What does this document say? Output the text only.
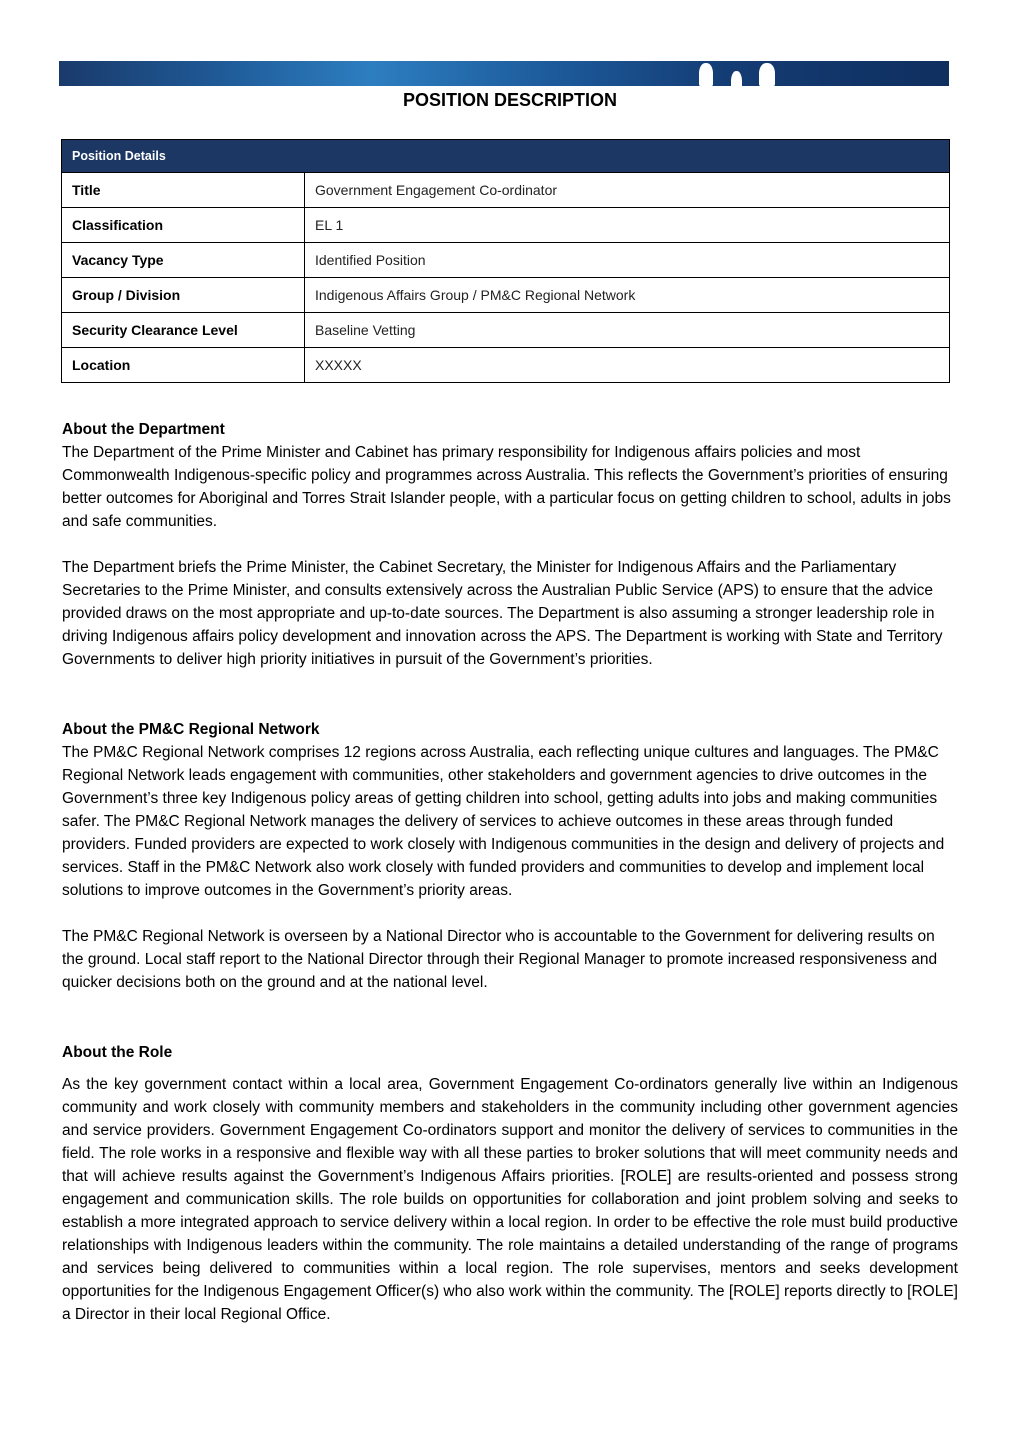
POSITION DESCRIPTION
Position Details	
Title	Government Engagement Co-ordinator
Classification	EL 1
Vacancy Type	Identified Position
Group / Division	Indigenous Affairs Group / PM&C Regional Network
Security Clearance Level	Baseline Vetting
Location	XXXXX
About the Department

The Department of the Prime Minister and Cabinet has primary responsibility for Indigenous affairs policies and most Commonwealth Indigenous-specific policy and programmes across Australia. This reflects the Government’s priorities of ensuring better outcomes for Aboriginal and Torres Strait Islander people, with a particular focus on getting children to school, adults in jobs and safe communities.

The Department briefs the Prime Minister, the Cabinet Secretary, the Minister for Indigenous Affairs and the Parliamentary Secretaries to the Prime Minister, and consults extensively across the Australian Public Service (APS) to ensure that the advice provided draws on the most appropriate and up-to-date sources. The Department is also assuming a stronger leadership role in driving Indigenous affairs policy development and innovation across the APS. The Department is working with State and Territory Governments to deliver high priority initiatives in pursuit of the Government’s priorities.

About the PM&C Regional Network

The PM&C Regional Network comprises 12 regions across Australia, each reflecting unique cultures and languages. The PM&C Regional Network leads engagement with communities, other stakeholders and government agencies to drive outcomes in the Government’s three key Indigenous policy areas of getting children into school, getting adults into jobs and making communities safer. The PM&C Regional Network manages the delivery of services to achieve outcomes in these areas through funded providers. Funded providers are expected to work closely with Indigenous communities in the design and delivery of projects and services. Staff in the PM&C Network also work closely with funded providers and communities to develop and implement local solutions to improve outcomes in the Government’s priority areas.

The PM&C Regional Network is overseen by a National Director who is accountable to the Government for delivering results on the ground. Local staff report to the National Director through their Regional Manager to promote increased responsiveness and quicker decisions both on the ground and at the national level.

About the Role

As the key government contact within a local area, Government Engagement Co-ordinators generally live within an Indigenous community and work closely with community members and stakeholders in the community including other government agencies and service providers. Government Engagement Co-ordinators support and monitor the delivery of services to communities in the field. The role works in a responsive and flexible way with all these parties to broker solutions that will meet community needs and that will achieve results against the Government’s Indigenous Affairs priorities. [ROLE] are results-oriented and possess strong engagement and communication skills. The role builds on opportunities for collaboration and joint problem solving and seeks to establish a more integrated approach to service delivery within a local region. In order to be effective the role must build productive relationships with Indigenous leaders within the community. The role maintains a detailed understanding of the range of programs and services being delivered to communities within a local region. The role supervises, mentors and seeks development opportunities for the Indigenous Engagement Officer(s) who also work within the community. The [ROLE] reports directly to [ROLE] a Director in their local Regional Office.
